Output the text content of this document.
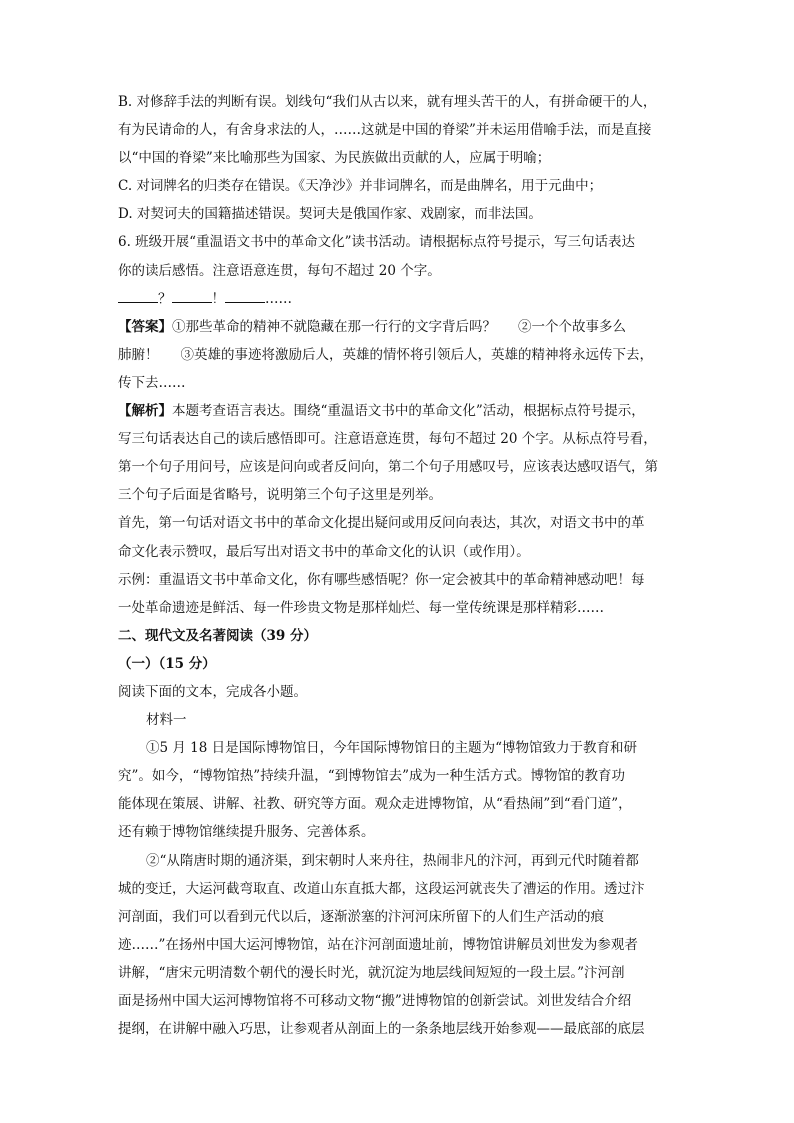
B. 对修辞手法的判断有误。划线句“我们从古以来，就有埋头苦干的人，有拼命硬干的人，
有为民请命的人，有舍身求法的人，……这就是中国的脊梁”并未运用借喻手法，而是直接
以“中国的脊梁”来比喻那些为国家、为民族做出贡献的人，应属于明喻；
C. 对词牌名的归类存在错误。《天净沙》并非词牌名，而是曲牌名，用于元曲中；
D. 对契诃夫的国籍描述错误。契诃夫是俄国作家、戏剧家，而非法国。
6. 班级开展“重温语文书中的革命文化”读书活动。请根据标点符号提示，写三句话表达
你的读后感悟。注意语意连贯，每句不超过 20 个字。
？	！	……
【答案】①那些革命的精神不就隐藏在那一行行的文字背后吗？ ②一个个故事多么
肺腑！ ③英雄的事迹将激励后人，英雄的情怀将引领后人，英雄的精神将永远传下去，
传下去……
【解析】本题考查语言表达。围绕“重温语文书中的革命文化”活动，根据标点符号提示，
写三句话表达自己的读后感悟即可。注意语意连贯，每句不超过 20 个字。从标点符号看，
第一个句子用问号，应该是问向或者反问向，第二个句子用感叹号，应该表达感叹语气，第
三个句子后面是省略号，说明第三个句子这里是列举。
首先，第一句话对语文书中的革命文化提出疑问或用反问向表达，其次，对语文书中的革
命文化表示赞叹，最后写出对语文书中的革命文化的认识（或作用）。
示例：重温语文书中革命文化，你有哪些感悟呢？你一定会被其中的革命精神感动吧！每
一处革命遗迹是鲜活、每一件珍贵文物是那样灿烂、每一堂传统课是那样精彩……
二、现代文及名著阅读（39 分）
（一）（15 分）
阅读下面的文本，完成各小题。
材料一
①5 月 18 日是国际博物馆日，今年国际博物馆日的主题为“博物馆致力于教育和研
究”。如今，“博物馆热”持续升温，“到博物馆去”成为一种生活方式。博物馆的教育功
能体现在策展、讲解、社教、研究等方面。观众走进博物馆，从“看热闹”到“看门道”，
还有赖于博物馆继续提升服务、完善体系。
②“从隋唐时期的通济渠，到宋朝时人来舟往，热闹非凡的汴河，再到元代时随着都
城的变迁，大运河截弯取直、改道山东直抵大都，这段运河就丧失了漕运的作用。透过汴
河剖面，我们可以看到元代以后，逐渐淤塞的汴河河床所留下的人们生产活动的痕
迹……”在扬州中国大运河博物馆，站在汴河剖面遗址前，博物馆讲解员刘世发为参观者
讲解，“唐宋元明清数个朝代的漫长时光，就沉淀为地层线间短短的一段土层。”汴河剖
面是扬州中国大运河博物馆将不可移动文物“搬”进博物馆的创新尝试。刘世发结合介绍
提纲，在讲解中融入巧思，让参观者从剖面上的一条条地层线开始参观——最底部的底层
